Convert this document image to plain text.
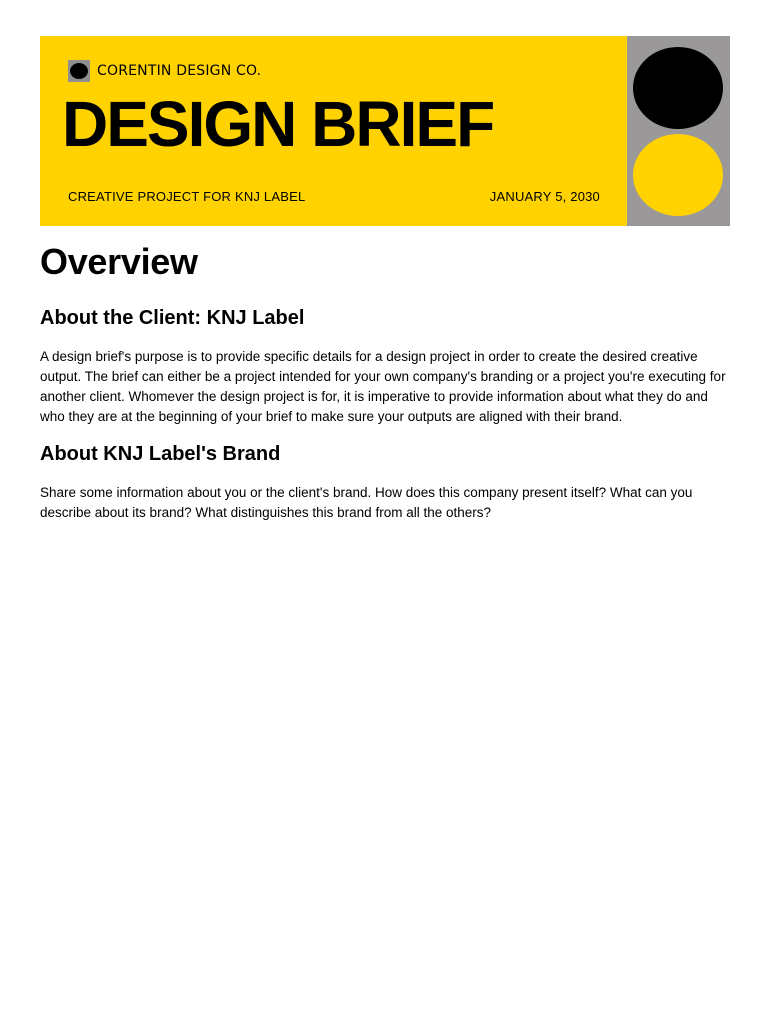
CORENTIN DESIGN CO.
DESIGN BRIEF
CREATIVE PROJECT FOR KNJ LABEL	JANUARY 5, 2030
Overview
About the Client: KNJ Label

A design brief's purpose is to provide specific details for a design project in order to create the desired creative output. The brief can either be a project intended for your own company's branding or a project you're executing for another client. Whomever the design project is for, it is imperative to provide information about what they do and who they are at the beginning of your brief to make sure your outputs are aligned with their brand.

About KNJ Label's Brand

Share some information about you or the client's brand. How does this company present itself? What can you describe about its brand? What distinguishes this brand from all the others?
